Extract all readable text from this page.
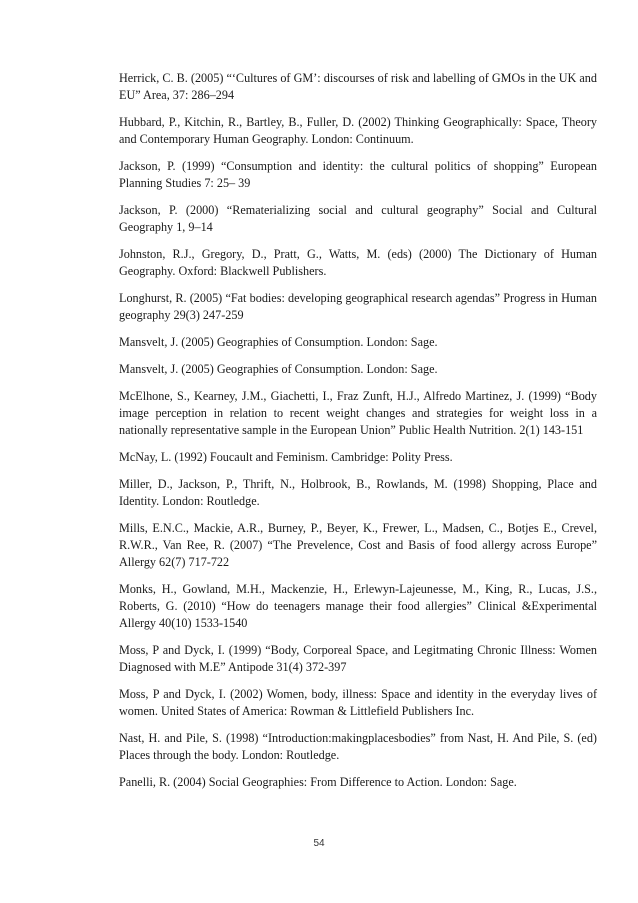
Herrick, C. B. (2005) “‘Cultures of GM’: discourses of risk and labelling of GMOs in the UK and EU” Area, 37: 286–294

Hubbard, P., Kitchin, R., Bartley, B., Fuller, D. (2002) Thinking Geographically: Space, Theory and Contemporary Human Geography. London: Continuum.

Jackson, P. (1999) “Consumption and identity: the cultural politics of shopping” European Planning Studies 7: 25– 39

Jackson, P. (2000) “Rematerializing social and cultural geography” Social and Cultural Geography 1, 9–14

Johnston, R.J., Gregory, D., Pratt, G., Watts, M. (eds) (2000) The Dictionary of Human Geography. Oxford: Blackwell Publishers.

Longhurst, R. (2005) “Fat bodies: developing geographical research agendas” Progress in Human geography 29(3) 247-259

Mansvelt, J. (2005) Geographies of Consumption. London: Sage.

Mansvelt, J. (2005) Geographies of Consumption. London: Sage.

McElhone, S., Kearney, J.M., Giachetti, I., Fraz Zunft, H.J., Alfredo Martinez, J. (1999) “Body image perception in relation to recent weight changes and strategies for weight loss in a nationally representative sample in the European Union” Public Health Nutrition. 2(1) 143-151

McNay, L. (1992) Foucault and Feminism. Cambridge: Polity Press.

Miller, D., Jackson, P., Thrift, N., Holbrook, B., Rowlands, M. (1998) Shopping, Place and Identity. London: Routledge.

Mills, E.N.C., Mackie, A.R., Burney, P., Beyer, K., Frewer, L., Madsen, C., Botjes E., Crevel, R.W.R., Van Ree, R. (2007) “The Prevelence, Cost and Basis of food allergy across Europe” Allergy 62(7) 717-722

Monks, H., Gowland, M.H., Mackenzie, H., Erlewyn-Lajeunesse, M., King, R., Lucas, J.S., Roberts, G. (2010) “How do teenagers manage their food allergies” Clinical &Experimental Allergy 40(10) 1533-1540

Moss, P and Dyck, I. (1999) “Body, Corporeal Space, and Legitmating Chronic Illness: Women Diagnosed with M.E” Antipode 31(4) 372-397

Moss, P and Dyck, I. (2002) Women, body, illness: Space and identity in the everyday lives of women. United States of America: Rowman & Littlefield Publishers Inc.

Nast, H. and Pile, S. (1998) “Introduction:makingplacesbodies” from Nast, H. And Pile, S. (ed) Places through the body. London: Routledge.

Panelli, R. (2004) Social Geographies: From Difference to Action. London: Sage.

54
